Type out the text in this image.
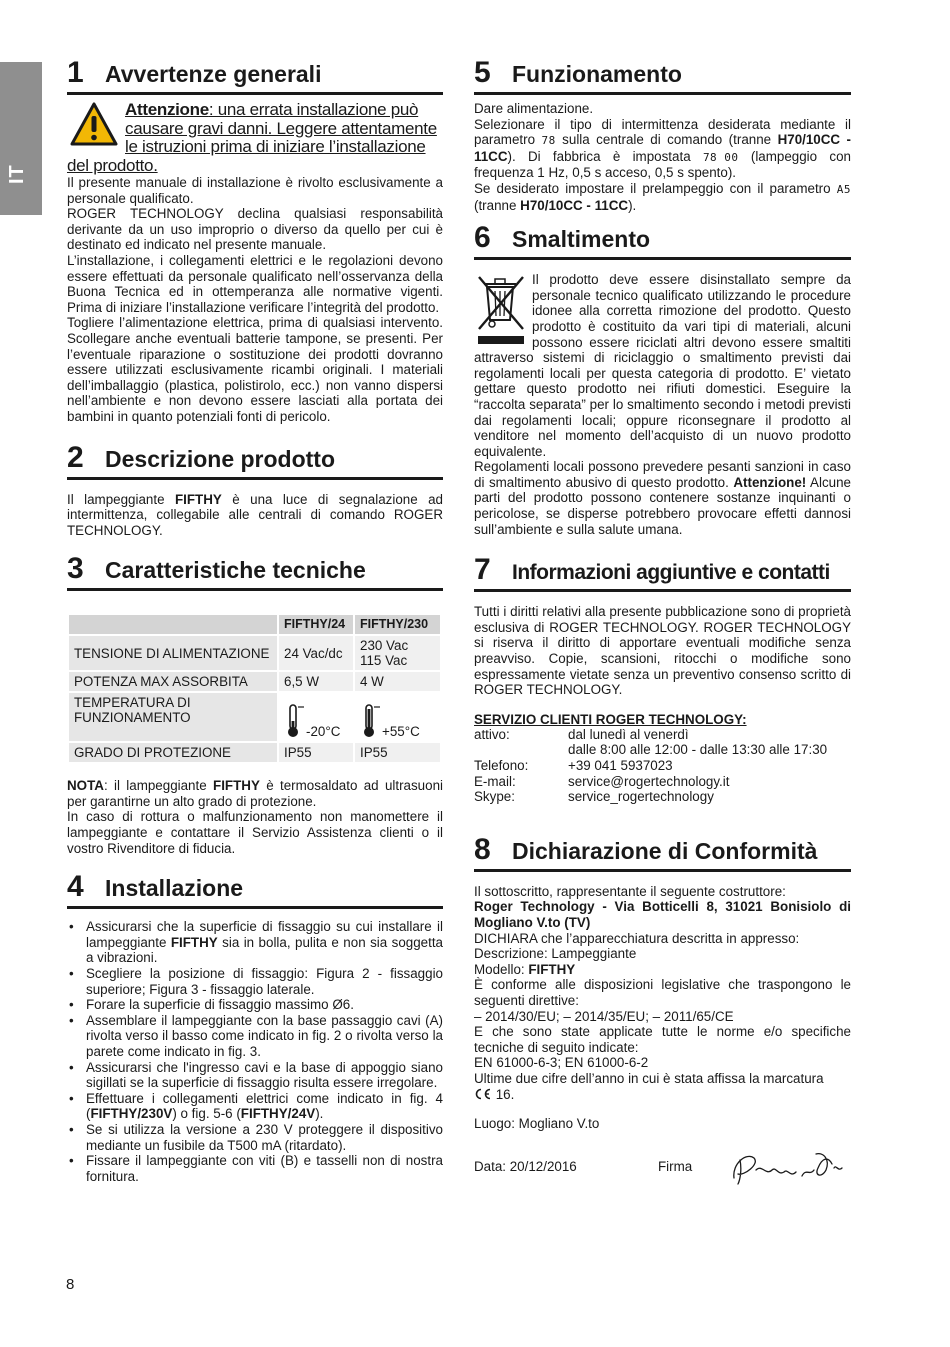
IT
1 Avvertenze generali
Attenzione: una errata installazione può causare gravi danni. Leggere attentamente le istruzioni prima di iniziare l’installazione del prodotto.

Il presente manuale di installazione è rivolto esclusivamente a personale qualificato.

ROGER TECHNOLOGY declina qualsiasi responsabilità derivante da un uso improprio o diverso da quello per cui è destinato ed indicato nel presente manuale.

L’installazione, i collegamenti elettrici e le regolazioni devono essere effettuati da personale qualificato nell’osservanza della Buona Tecnica ed in ottemperanza alle normative vigenti. Prima di iniziare l’installazione verificare l’integrità del prodotto.

Togliere l’alimentazione elettrica, prima di qualsiasi intervento. Scollegare anche eventuali batterie tampone, se presenti. Per l’eventuale riparazione o sostituzione dei prodotti dovranno essere utilizzati esclusivamente ricambi originali. I materiali dell’imballaggio (plastica, polistirolo, ecc.) non vanno dispersi nell’ambiente e non devono essere lasciati alla portata dei bambini in quanto potenziali fonti di pericolo.

2 Descrizione prodotto

Il lampeggiante FIFTHY è una luce di segnalazione ad intermittenza, collegabile alle centrali di comando ROGER TECHNOLOGY.

3 Caratteristiche tecniche
	FIFTHY/24	FIFTHY/230
TENSIONE DI ALIMENTAZIONE	24 Vac/dc	230 Vac
115 Vac

POTENZA MAX ASSORBITA	6,5 W	4 W
TEMPERATURA DI FUNZIONAMENTO	-20°C	+55°C
GRADO DI PROTEZIONE	IP55	IP55

NOTA: il lampeggiante FIFTHY è termosaldato ad ultrasuoni per garantirne un alto grado di protezione.

In caso di rottura o malfunzionamento non manomettere il lampeggiante e contattare il Servizio Assistenza clienti o il vostro Rivenditore di fiducia.

4 Installazione
• Assicurarsi che la superficie di fissaggio su cui installare il lampeggiante FIFTHY sia in bolla, pulita e non sia soggetta a vibrazioni.
• Scegliere la posizione di fissaggio: Figura 2 - fissaggio superiore; Figura 3 - fissaggio laterale.
• Forare la superficie di fissaggio massimo Ø6.
• Assemblare il lampeggiante con la base passaggio cavi (A) rivolta verso il basso come indicato in fig. 2 o rivolta verso la parete come indicato in fig. 3.
• Assicurarsi che l'ingresso cavi e la base di appoggio siano sigillati se la superficie di fissaggio risulta essere irregolare.
• Effettuare i collegamenti elettrici come indicato in fig. 4 (FIFTHY/230V) o fig. 5-6 (FIFTHY/24V).
• Se si utilizza la versione a 230 V proteggere il dispositivo mediante un fusibile da T500 mA (ritardato).
• Fissare il lampeggiante con viti (B) e tasselli non di nostra fornitura.
5 Funzionamento

Dare alimentazione.

Selezionare il tipo di intermittenza desiderata mediante il parametro 78 sulla centrale di comando (tranne H70/10CC - 11CC). Di fabbrica è impostata 78 00 (lampeggio con frequenza 1 Hz, 0,5 s acceso, 0,5 s spento).

Se desiderato impostare il prelampeggio con il parametro A5 (tranne H70/10CC - 11CC).

6 Smaltimento

Il prodotto deve essere disinstallato sempre da personale tecnico qualificato utilizzando le procedure idonee alla corretta rimozione del prodotto. Questo prodotto è costituito da vari tipi di materiali, alcuni possono essere riciclati altri devono essere smaltiti attraverso sistemi di riciclaggio o smaltimento previsti dai regolamenti locali per questa categoria di prodotto. E’ vietato gettare questo prodotto nei rifiuti domestici. Eseguire la “raccolta separata” per lo smaltimento secondo i metodi previsti dai regolamenti locali; oppure riconsegnare il prodotto al venditore nel momento dell’acquisto di un nuovo prodotto equivalente.

Regolamenti locali possono prevedere pesanti sanzioni in caso di smaltimento abusivo di questo prodotto. Attenzione! Alcune parti del prodotto possono contenere sostanze inquinanti o pericolose, se disperse potrebbero provocare effetti dannosi sull’ambiente e sulla salute umana.

7	Informazioni aggiuntive e contatti

Tutti i diritti relativi alla presente pubblicazione sono di proprietà esclusiva di ROGER TECHNOLOGY. ROGER TECHNOLOGY si riserva il diritto di apportare eventuali modifiche senza preavviso. Copie, scansioni, ritocchi o modifiche sono espressamente vietate senza un preventivo consenso scritto di ROGER TECHNOLOGY.

SERVIZIO CLIENTI ROGER TECHNOLOGY:
attivo:	dal lunedì al venerdì
dalle 8:00 alle 12:00 - dalle 13:30 alle 17:30
Telefono:	+39 041 5937023
E-mail:	service@rogertechnology.it
Skype:	service_rogertechnology
8 Dichiarazione di Conformità

Il sottoscritto, rappresentante il seguente costruttore:

Roger Technology - Via Botticelli 8, 31021 Bonisiolo di Mogliano V.to (TV)

DICHIARA che l’apparecchiatura descritta in appresso:

Descrizione: Lampeggiante

Modello: FIFTHY

È conforme alle disposizioni legislative che traspongono le seguenti direttive:

– 2014/30/EU; – 2014/35/EU; – 2011/65/CE

E che sono state applicate tutte le norme e/o specifiche tecniche di seguito indicate:

EN 61000-6-3; EN 61000-6-2

Ultime due cifre dell’anno in cui è stata affissa la marcatura

16.

Luogo: Mogliano V.to

Data: 20/12/2016	Firma
8
